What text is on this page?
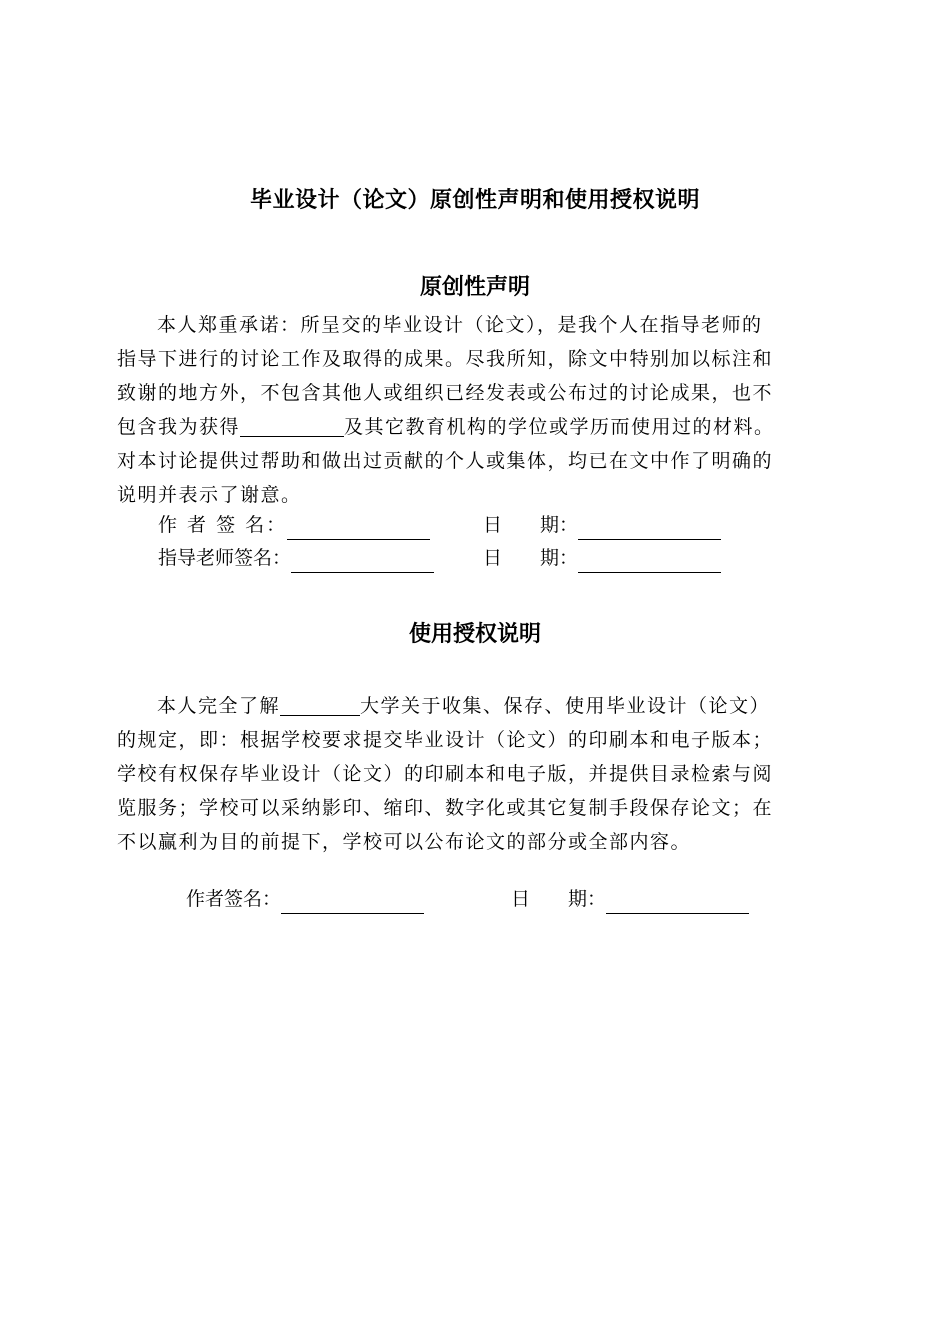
毕业设计（论文）原创性声明和使用授权说明
原创性声明
本人郑重承诺：所呈交的毕业设计（论文），是我个人在指导老师的
指导下进行的讨论工作及取得的成果。尽我所知，除文中特别加以标注和
致谢的地方外，不包含其他人或组织已经发表或公布过的讨论成果，也不
包含我为获得	及其它教育机构的学位或学历而使用过的材料。
对本讨论提供过帮助和做出过贡献的个人或集体，均已在文中作了明确的
说明并表示了谢意。
作 者 签 名：	日　　期：
指导老师签名：	日　　期：
使用授权说明
本人完全了解	大学关于收集、保存、使用毕业设计（论文）
的规定，即：根据学校要求提交毕业设计（论文）的印刷本和电子版本；
学校有权保存毕业设计（论文）的印刷本和电子版，并提供目录检索与阅
览服务；学校可以采纳影印、缩印、数字化或其它复制手段保存论文；在
不以赢利为目的前提下，学校可以公布论文的部分或全部内容。
作者签名：	日　　期：
